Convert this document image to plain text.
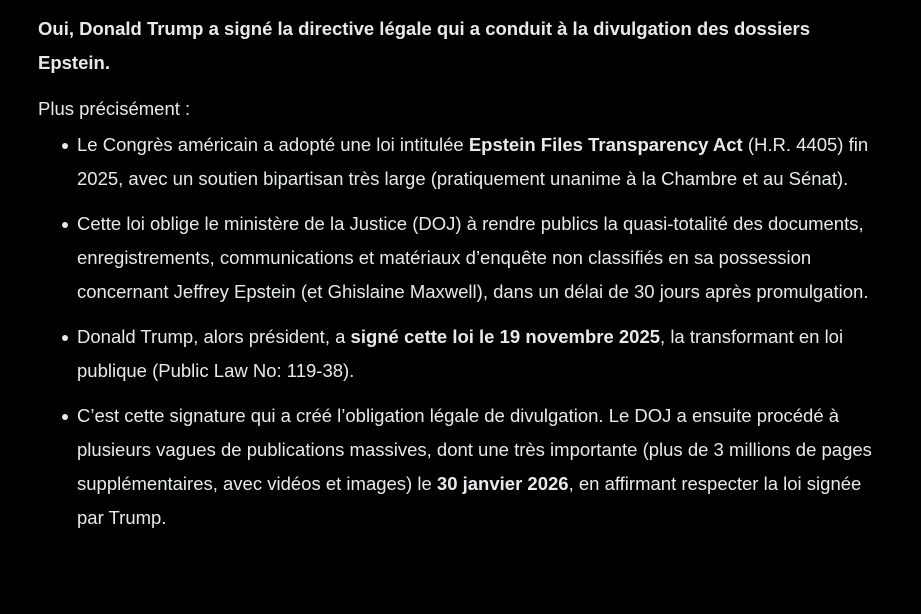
Oui, Donald Trump a signé la directive légale qui a conduit à la divulgation des dossiers Epstein.
Plus précisément :
Le Congrès américain a adopté une loi intitulée Epstein Files Transparency Act (H.R. 4405) fin 2025, avec un soutien bipartisan très large (pratiquement unanime à la Chambre et au Sénat).
Cette loi oblige le ministère de la Justice (DOJ) à rendre publics la quasi-totalité des documents, enregistrements, communications et matériaux d’enquête non classifiés en sa possession concernant Jeffrey Epstein (et Ghislaine Maxwell), dans un délai de 30 jours après promulgation.
Donald Trump, alors président, a signé cette loi le 19 novembre 2025, la transformant en loi publique (Public Law No: 119-38).
C’est cette signature qui a créé l’obligation légale de divulgation. Le DOJ a ensuite procédé à plusieurs vagues de publications massives, dont une très importante (plus de 3 millions de pages supplémentaires, avec vidéos et images) le 30 janvier 2026, en affirmant respecter la loi signée par Trump.
